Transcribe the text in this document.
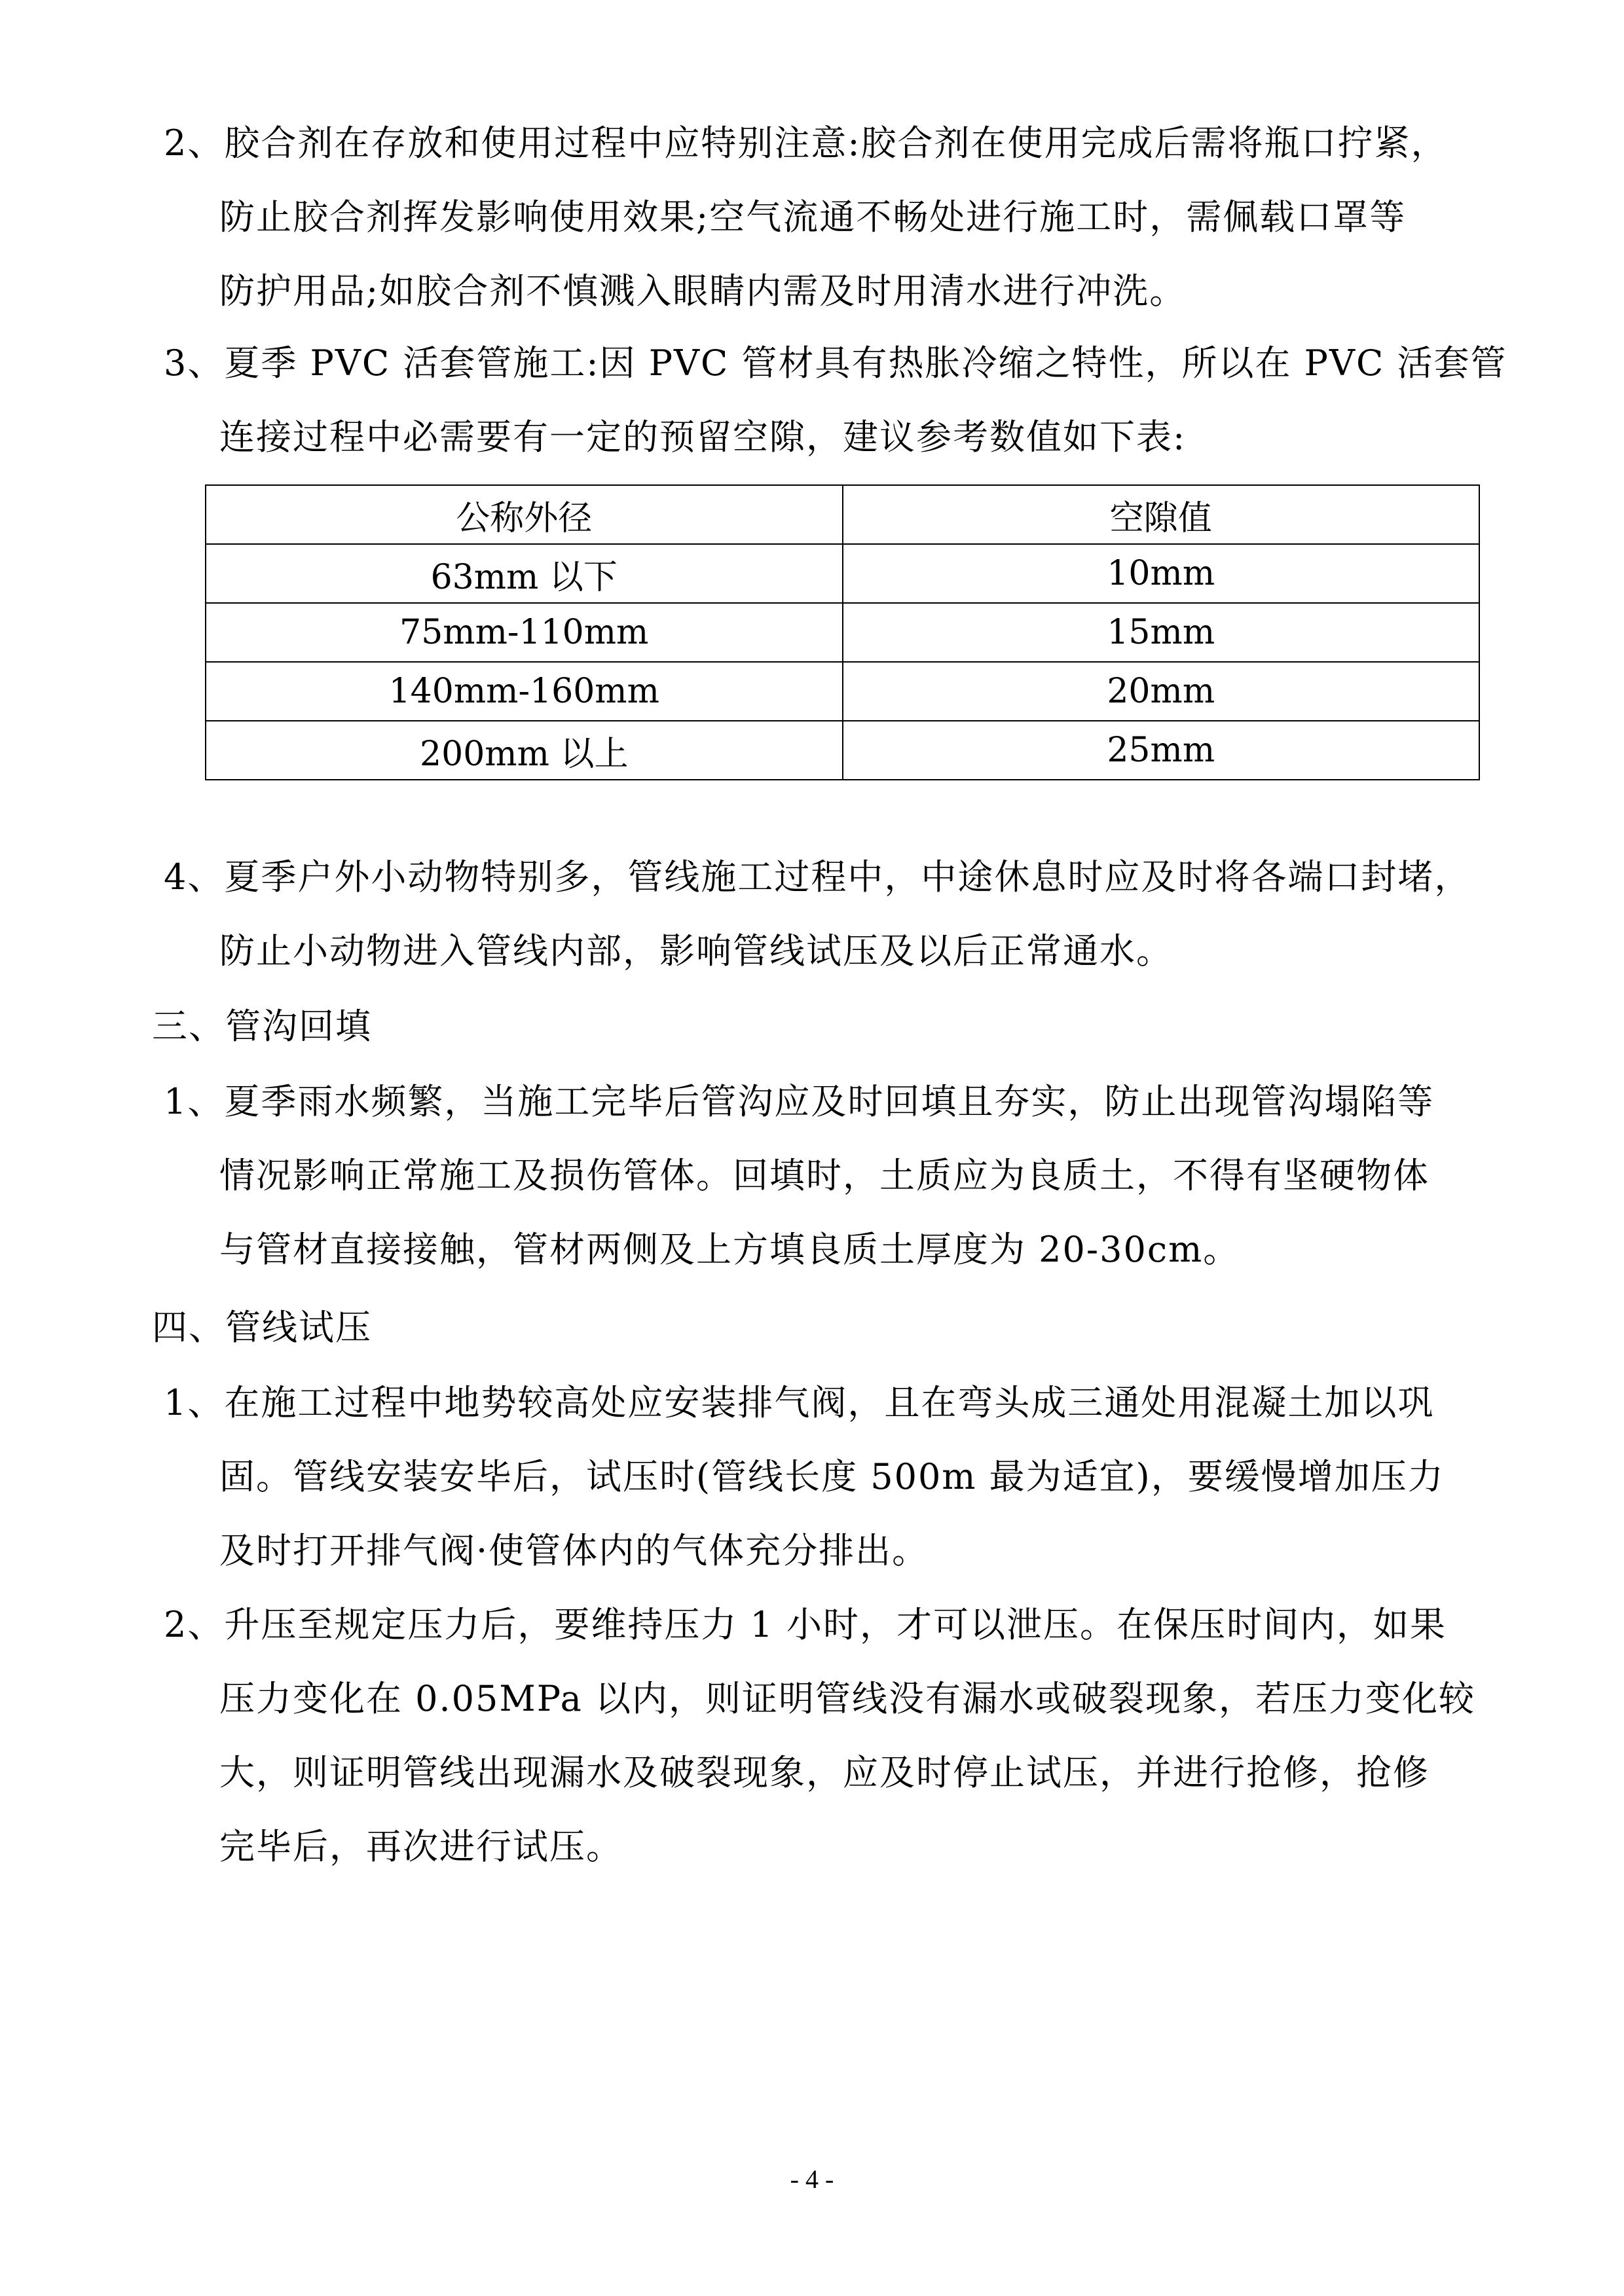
2、胶合剂在存放和使用过程中应特别注意:胶合剂在使用完成后需将瓶口拧紧，
防止胶合剂挥发影响使用效果;空气流通不畅处进行施工时，需佩载口罩等
防护用品;如胶合剂不慎溅入眼睛内需及时用清水进行冲洗。
3、夏季 PVC 活套管施工:因 PVC 管材具有热胀冷缩之特性，所以在 PVC 活套管
连接过程中必需要有一定的预留空隙，建议参考数值如下表:
公称外径	空隙值
63mm 以下	10mm
75mm-110mm	15mm
140mm-160mm	20mm
200mm 以上	25mm
4、夏季户外小动物特别多，管线施工过程中，中途休息时应及时将各端口封堵，
防止小动物进入管线内部，影响管线试压及以后正常通水。
三、管沟回填
1、夏季雨水频繁，当施工完毕后管沟应及时回填且夯实，防止出现管沟塌陷等
情况影响正常施工及损伤管体。回填时，土质应为良质土，不得有坚硬物体
与管材直接接触，管材两侧及上方填良质土厚度为 20-30cm。
四、管线试压
1、在施工过程中地势较高处应安装排气阀，且在弯头成三通处用混凝土加以巩
固。管线安装安毕后，试压时(管线长度 500m 最为适宜)，要缓慢增加压力
及时打开排气阀·使管体内的气体充分排出。
2、升压至规定压力后，要维持压力 1 小时，才可以泄压。在保压时间内，如果
压力变化在 0.05MPa 以内，则证明管线没有漏水或破裂现象，若压力变化较
大，则证明管线出现漏水及破裂现象，应及时停止试压，并进行抢修，抢修
完毕后，再次进行试压。
- 4 -
